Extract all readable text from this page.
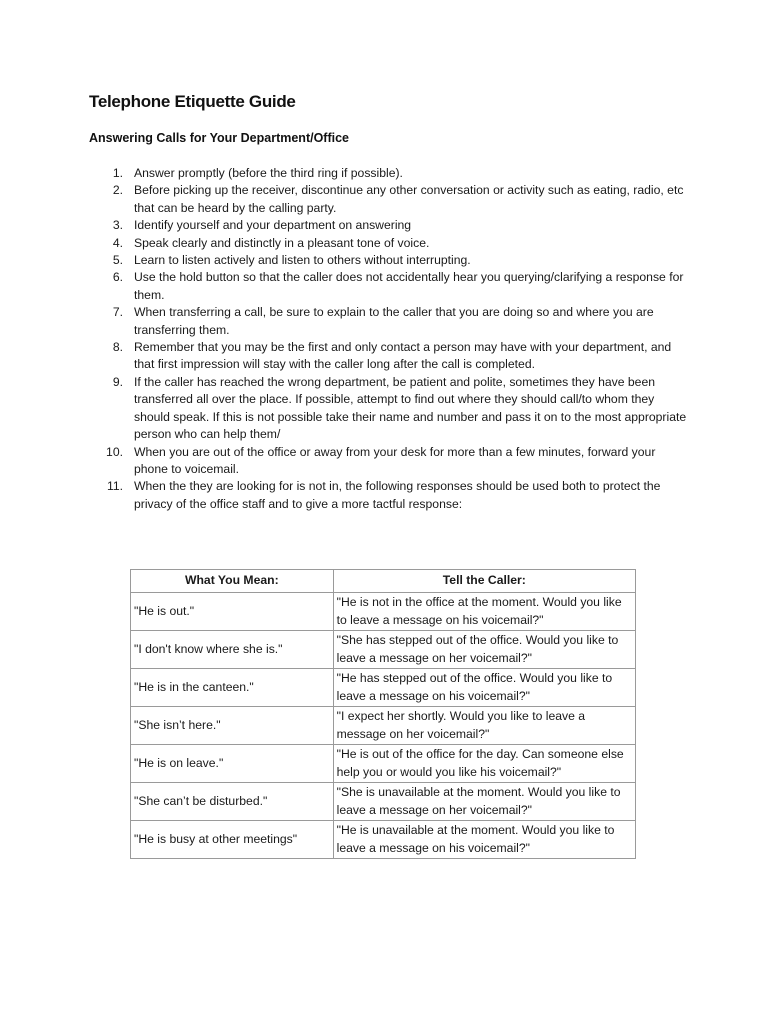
Telephone Etiquette Guide
Answering Calls for Your Department/Office
1. Answer promptly (before the third ring if possible).
2. Before picking up the receiver, discontinue any other conversation or activity such as eating, radio, etc that can be heard by the calling party.
3. Identify yourself and your department on answering
4. Speak clearly and distinctly in a pleasant tone of voice.
5. Learn to listen actively and listen to others without interrupting.
6. Use the hold button so that the caller does not accidentally hear you querying/clarifying a response for them.
7. When transferring a call, be sure to explain to the caller that you are doing so and where you are transferring them.
8. Remember that you may be the first and only contact a person may have with your department, and that first impression will stay with the caller long after the call is completed.
9. If the caller has reached the wrong department, be patient and polite, sometimes they have been transferred all over the place. If possible, attempt to find out where they should call/to whom they should speak. If this is not possible take their name and number and pass it on to the most appropriate person who can help them/
10. When you are out of the office or away from your desk for more than a few minutes, forward your phone to voicemail.
11. When the they are looking for is not in, the following responses should be used both to protect the privacy of the office staff and to give a more tactful response:
What You Mean:	Tell the Caller:
"He is out."	"He is not in the office at the moment. Would you like to leave a message on his voicemail?"
"I don't know where she is."	"She has stepped out of the office. Would you like to leave a message on her voicemail?"
"He is in the canteen."	"He has stepped out of the office. Would you like to leave a message on his voicemail?"
"She isn’t here."	"I expect her shortly. Would you like to leave a message on her voicemail?"
"He is on leave."	"He is out of the office for the day. Can someone else help you or would you like his voicemail?"
"She can’t be disturbed."	"She is unavailable at the moment. Would you like to leave a message on her voicemail?"
"He is busy at other meetings"	"He is unavailable at the moment. Would you like to leave a message on his voicemail?"
